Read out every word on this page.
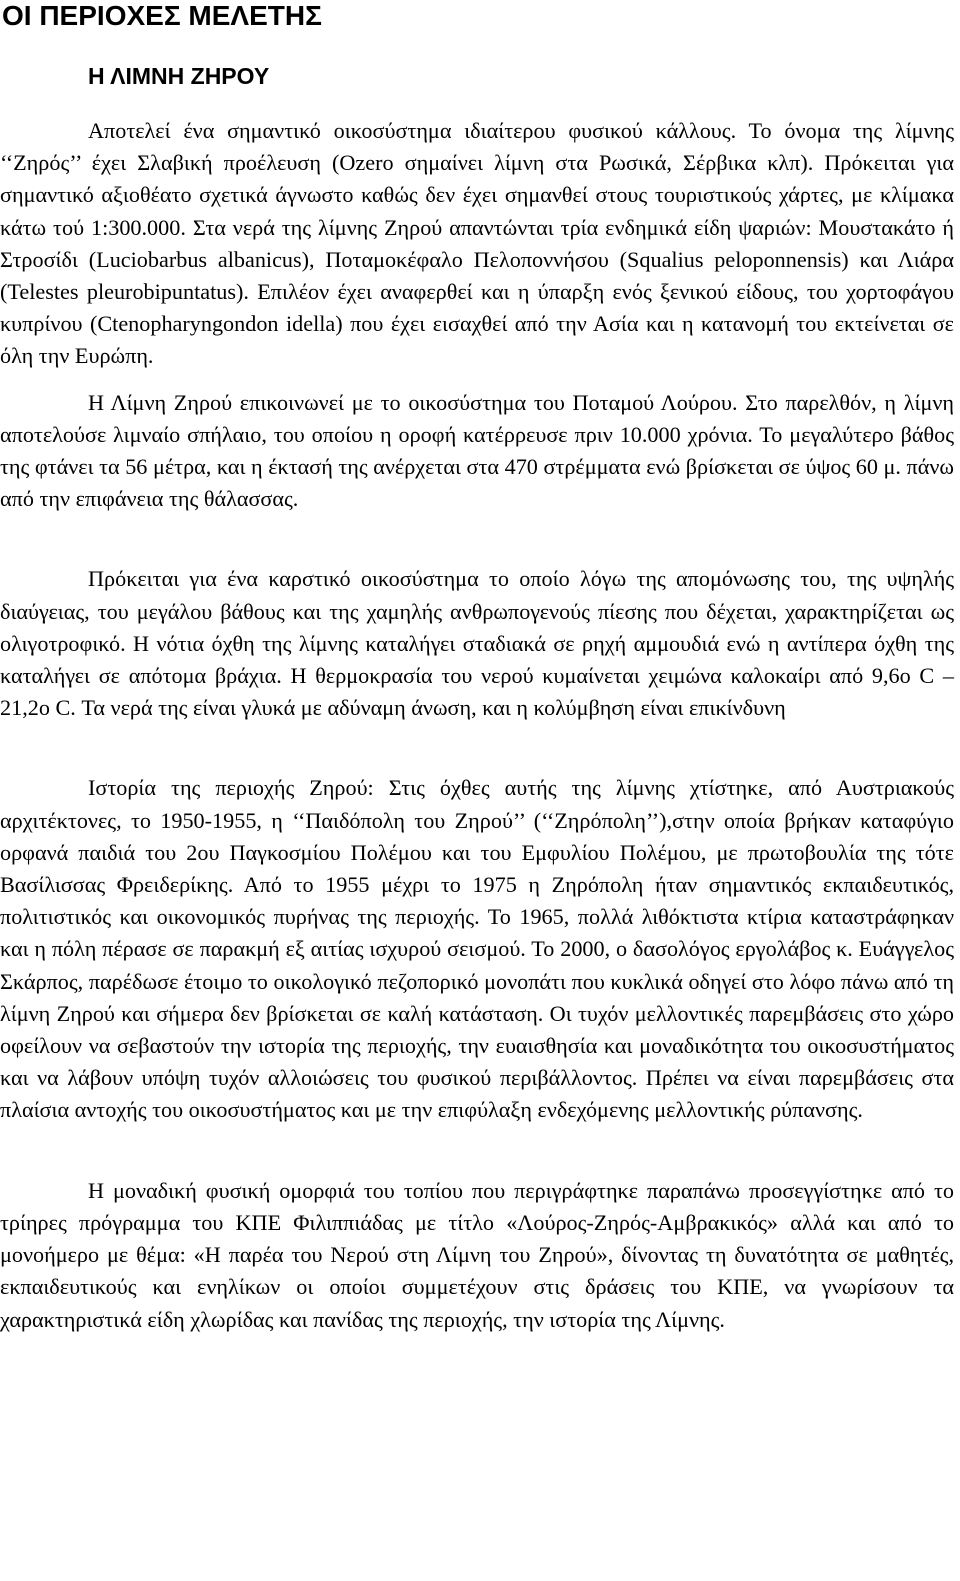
ΟΙ ΠΕΡΙΟΧΕΣ ΜΕΛΕΤΗΣ
Η ΛΙΜΝΗ ΖΗΡΟΥ

Αποτελεί ένα σημαντικό οικοσύστημα ιδιαίτερου φυσικού κάλλους. Το όνομα της λίμνης ‘‘Ζηρός’’ έχει Σλαβική προέλευση (Ozero σημαίνει λίμνη στα Ρωσικά, Σέρβικα κλπ). Πρόκειται για σημαντικό αξιοθέατο σχετικά άγνωστο καθώς δεν έχει σημανθεί στους τουριστικούς χάρτες, με κλίμακα κάτω τού 1:300.000. Στα νερά της λίμνης Ζηρού απαντώνται τρία ενδημικά είδη ψαριών: Μουστακάτο ή Στροσίδι (Luciobarbus albanicus), Ποταμοκέφαλο Πελοποννήσου (Squalius peloponnensis) και Λιάρα (Telestes pleurobipuntatus). Επιλέον έχει αναφερθεί και η ύπαρξη ενός ξενικού είδους, του χορτοφάγου κυπρίνου (Ctenopharyngondon idella) που έχει εισαχθεί από την Ασία και η κατανομή του εκτείνεται σε όλη την Ευρώπη.

Η Λίμνη Ζηρού επικοινωνεί με το οικοσύστημα του Ποταμού Λούρου. Στο παρελθόν, η λίμνη αποτελούσε λιμναίο σπήλαιο, του οποίου η οροφή κατέρρευσε πριν 10.000 χρόνια. Το μεγαλύτερο βάθος της φτάνει τα 56 μέτρα, και η έκτασή της ανέρχεται στα 470 στρέμματα ενώ βρίσκεται σε ύψος 60 μ. πάνω από την επιφάνεια της θάλασσας.

Πρόκειται για ένα καρστικό οικοσύστημα το οποίο λόγω της απομόνωσης του, της υψηλής διαύγειας, του μεγάλου βάθους και της χαμηλής ανθρωπογενούς πίεσης που δέχεται, χαρακτηρίζεται ως ολιγοτροφικό. Η νότια όχθη της λίμνης καταλήγει σταδιακά σε ρηχή αμμουδιά ενώ η αντίπερα όχθη της καταλήγει σε απότομα βράχια. Η θερμοκρασία του νερού κυμαίνεται χειμώνα καλοκαίρι από 9,6ο C – 21,2ο C. Τα νερά της είναι γλυκά με αδύναμη άνωση, και η κολύμβηση είναι επικίνδυνη

Ιστορία της περιοχής Ζηρού: Στις όχθες αυτής της λίμνης χτίστηκε, από Αυστριακούς αρχιτέκτονες, το 1950-1955, η ‘‘Παιδόπολη του Ζηρού’’ (‘‘Ζηρόπολη’’),στην οποία βρήκαν καταφύγιο ορφανά παιδιά του 2ου Παγκοσμίου Πολέμου και του Εμφυλίου Πολέμου, με πρωτοβουλία της τότε Βασίλισσας Φρειδερίκης. Από το 1955 μέχρι το 1975 η Ζηρόπολη ήταν σημαντικός εκπαιδευτικός, πολιτιστικός και οικονομικός πυρήνας της περιοχής. Το 1965, πολλά λιθόκτιστα κτίρια καταστράφηκαν και η πόλη πέρασε σε παρακμή εξ αιτίας ισχυρού σεισμού. Το 2000, ο δασολόγος εργολάβος κ. Ευάγγελος Σκάρπος, παρέδωσε έτοιμο το οικολογικό πεζοπορικό μονοπάτι που κυκλικά οδηγεί στο λόφο πάνω από τη λίμνη Ζηρού και σήμερα δεν βρίσκεται σε καλή κατάσταση. Οι τυχόν μελλοντικές παρεμβάσεις στο χώρο οφείλουν να σεβαστούν την ιστορία της περιοχής, την ευαισθησία και μοναδικότητα του οικοσυστήματος και να λάβουν υπόψη τυχόν αλλοιώσεις του φυσικού περιβάλλοντος. Πρέπει να είναι παρεμβάσεις στα πλαίσια αντοχής του οικοσυστήματος και με την επιφύλαξη ενδεχόμενης μελλοντικής ρύπανσης.

Η μοναδική φυσική ομορφιά του τοπίου που περιγράφτηκε παραπάνω προσεγγίστηκε από το τρίηρες πρόγραμμα του ΚΠΕ Φιλιππιάδας με τίτλο «Λούρος-Ζηρός-Αμβρακικός» αλλά και από το μονοήμερο με θέμα: «Η παρέα του Νερού στη Λίμνη του Ζηρού», δίνοντας τη δυνατότητα σε μαθητές, εκπαιδευτικούς και ενηλίκων οι οποίοι συμμετέχουν στις δράσεις του ΚΠΕ, να γνωρίσουν τα χαρακτηριστικά είδη χλωρίδας και πανίδας της περιοχής, την ιστορία της Λίμνης.
